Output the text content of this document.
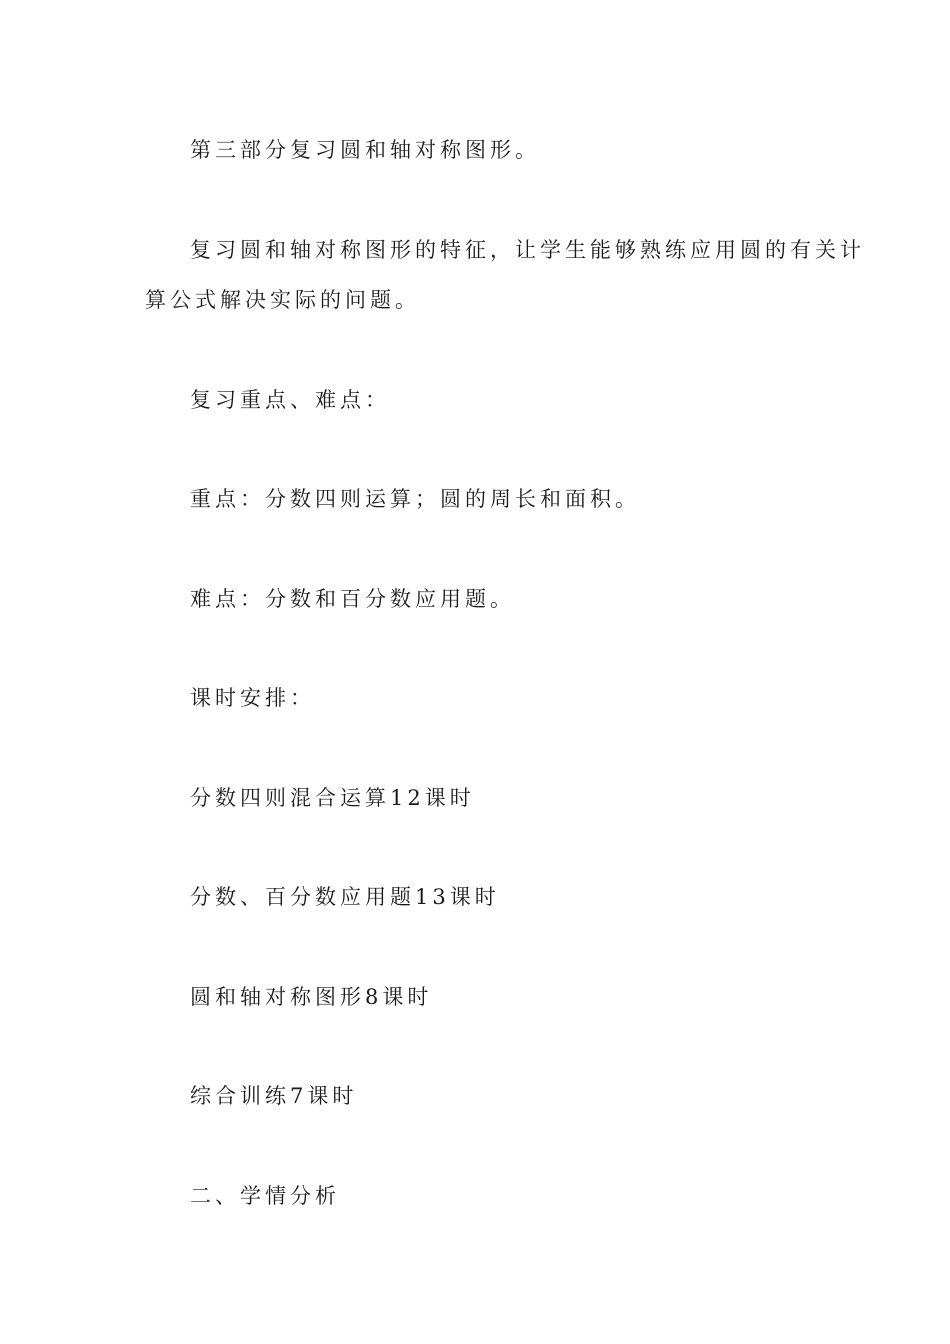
第三部分复习圆和轴对称图形。
复习圆和轴对称图形的特征，让学生能够熟练应用圆的有关计
算公式解决实际的问题。
复习重点、难点：
重点：分数四则运算；圆的周长和面积。
难点：分数和百分数应用题。
课时安排：
分数四则混合运算12课时
分数、百分数应用题13课时
圆和轴对称图形8课时
综合训练7课时
二、学情分析
